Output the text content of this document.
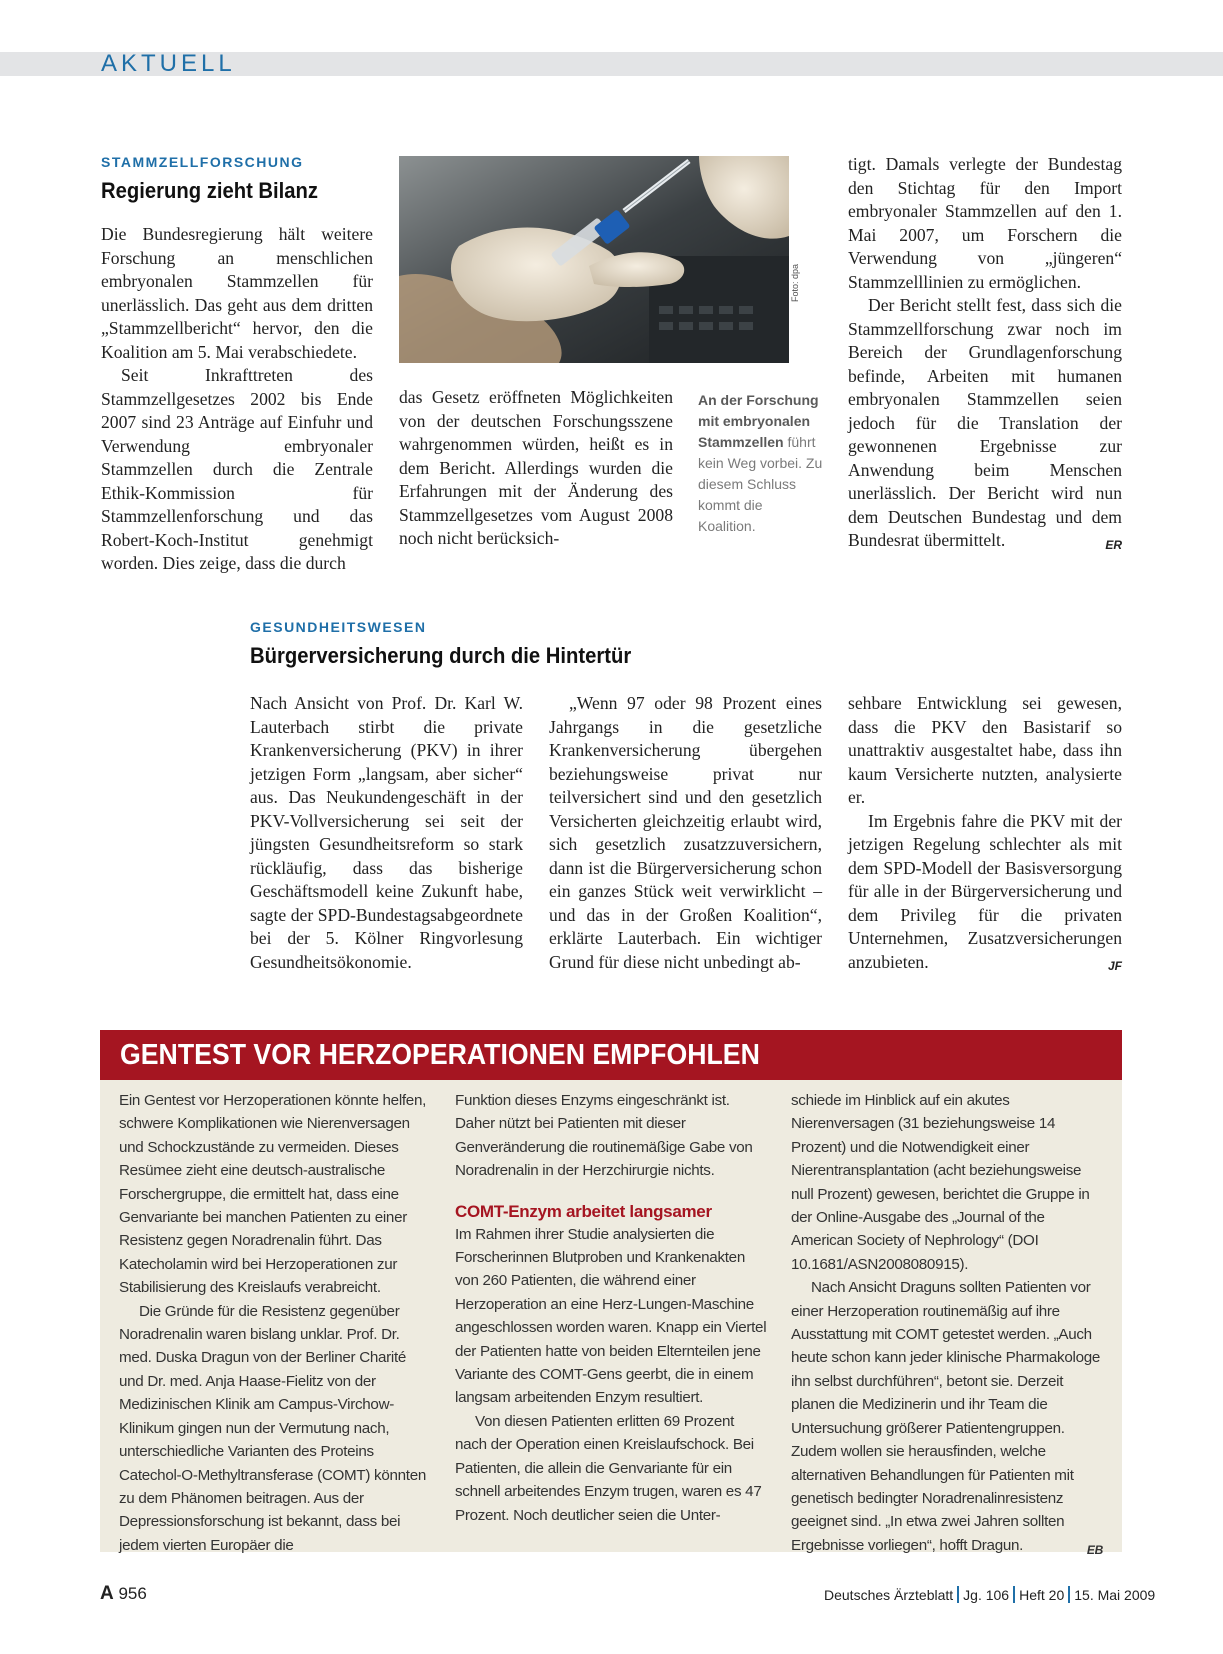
AKTUELL
STAMMZELLFORSCHUNG
Regierung zieht Bilanz

Die Bundesregierung hält weitere Forschung an menschlichen embryonalen Stammzellen für unerlässlich. Das geht aus dem dritten „Stammzellbericht“ hervor, den die Koalition am 5. Mai verabschiedete.

Seit Inkrafttreten des Stammzellgesetzes 2002 bis Ende 2007 sind 23 Anträge auf Einfuhr und Verwendung embryonaler Stammzellen durch die Zentrale Ethik-Kommission für Stammzellenforschung und das Robert-Koch-Institut genehmigt worden. Dies zeige, dass die durch

Foto: dpa

das Gesetz eröffneten Möglichkeiten von der deutschen Forschungsszene wahrgenommen würden, heißt es in dem Bericht. Allerdings wurden die Erfahrungen mit der Änderung des Stammzellgesetzes vom August 2008 noch nicht berücksich-

An der Forschung mit embryonalen Stammzellen führt kein Weg vorbei. Zu diesem Schluss kommt die Koalition.

tigt. Damals verlegte der Bundestag den Stichtag für den Import embryonaler Stammzellen auf den 1. Mai 2007, um Forschern die Verwendung von „jüngeren“ Stammzelllinien zu ermöglichen.

Der Bericht stellt fest, dass sich die Stammzellforschung zwar noch im Bereich der Grundlagenforschung befinde, Arbeiten mit humanen embryonalen Stammzellen seien jedoch für die Translation der gewonnenen Ergebnisse zur Anwendung beim Menschen unerlässlich. Der Bericht wird nun dem Deutschen Bundestag und dem Bundesrat übermittelt.	ER
GESUNDHEITSWESEN
Bürgerversicherung durch die Hintertür

Nach Ansicht von Prof. Dr. Karl W. Lauterbach stirbt die private Krankenversicherung (PKV) in ihrer jetzigen Form „langsam, aber sicher“ aus. Das Neukundengeschäft in der PKV-Vollversicherung sei seit der jüngsten Gesundheitsreform so stark rückläufig, dass das bisherige Geschäftsmodell keine Zukunft habe, sagte der SPD-Bundestagsabgeordnete bei der 5. Kölner Ringvorlesung Gesundheitsökonomie.

„Wenn 97 oder 98 Prozent eines Jahrgangs in die gesetzliche Krankenversicherung übergehen beziehungsweise privat nur teilversichert sind und den gesetzlich Versicherten gleichzeitig erlaubt wird, sich gesetzlich zusatzzuversichern, dann ist die Bürgerversicherung schon ein ganzes Stück weit verwirklicht – und das in der Großen Koalition“, erklärte Lauterbach. Ein wichtiger Grund für diese nicht unbedingt ab-

sehbare Entwicklung sei gewesen, dass die PKV den Basistarif so unattraktiv ausgestaltet habe, dass ihn kaum Versicherte nutzten, analysierte er.

Im Ergebnis fahre die PKV mit der jetzigen Regelung schlechter als mit dem SPD-Modell der Basisversorgung für alle in der Bürgerversicherung und dem Privileg für die privaten Unternehmen, Zusatzversicherungen anzubieten.	JF
GENTEST VOR HERZOPERATIONEN EMPFOHLEN

Ein Gentest vor Herzoperationen könnte helfen, schwere Komplikationen wie Nierenversagen und Schockzustände zu vermeiden. Dieses Resümee zieht eine deutsch-australische Forschergruppe, die ermittelt hat, dass eine Genvariante bei manchen Patienten zu einer Resistenz gegen Noradrenalin führt. Das Katecholamin wird bei Herzoperationen zur Stabilisierung des Kreislaufs verabreicht.

Die Gründe für die Resistenz gegenüber Noradrenalin waren bislang unklar. Prof. Dr. med. Duska Dragun von der Berliner Charité und Dr. med. Anja Haase-Fielitz von der Medizinischen Klinik am Campus-Virchow-Klinikum gingen nun der Vermutung nach, unterschiedliche Varianten des Proteins Catechol-O-Methyltransferase (COMT) könnten zu dem Phänomen beitragen. Aus der Depressionsforschung ist bekannt, dass bei jedem vierten Europäer die

Funktion dieses Enzyms eingeschränkt ist. Daher nützt bei Patienten mit dieser Genveränderung die routinemäßige Gabe von Noradrenalin in der Herzchirurgie nichts.

COMT-Enzym arbeitet langsamer

Im Rahmen ihrer Studie analysierten die Forscherinnen Blutproben und Krankenakten von 260 Patienten, die während einer Herzoperation an eine Herz-Lungen-Maschine angeschlossen worden waren. Knapp ein Viertel der Patienten hatte von beiden Elternteilen jene Variante des COMT-Gens geerbt, die in einem langsam arbeitenden Enzym resultiert.

Von diesen Patienten erlitten 69 Prozent nach der Operation einen Kreislaufschock. Bei Patienten, die allein die Genvariante für ein schnell arbeitendes Enzym trugen, waren es 47 Prozent. Noch deutlicher seien die Unter-

schiede im Hinblick auf ein akutes Nierenversagen (31 beziehungsweise 14 Prozent) und die Notwendigkeit einer Nierentransplantation (acht beziehungsweise null Prozent) gewesen, berichtet die Gruppe in der Online-Ausgabe des „Journal of the American Society of Nephrology“ (DOI 10.1681/ASN2008080915).

Nach Ansicht Draguns sollten Patienten vor einer Herzoperation routinemäßig auf ihre Ausstattung mit COMT getestet werden. „Auch heute schon kann jeder klinische Pharmakologe ihn selbst durchführen“, betont sie. Derzeit planen die Medizinerin und ihr Team die Untersuchung größerer Patientengruppen. Zudem wollen sie herausfinden, welche alternativen Behandlungen für Patienten mit genetisch bedingter Noradrenalinresistenz geeignet sind. „In etwa zwei Jahren sollten Ergebnisse vorliegen“, hofft Dragun.	EB
A 956	Deutsches Ärzteblatt Jg. 106 Heft 20 15. Mai 2009
